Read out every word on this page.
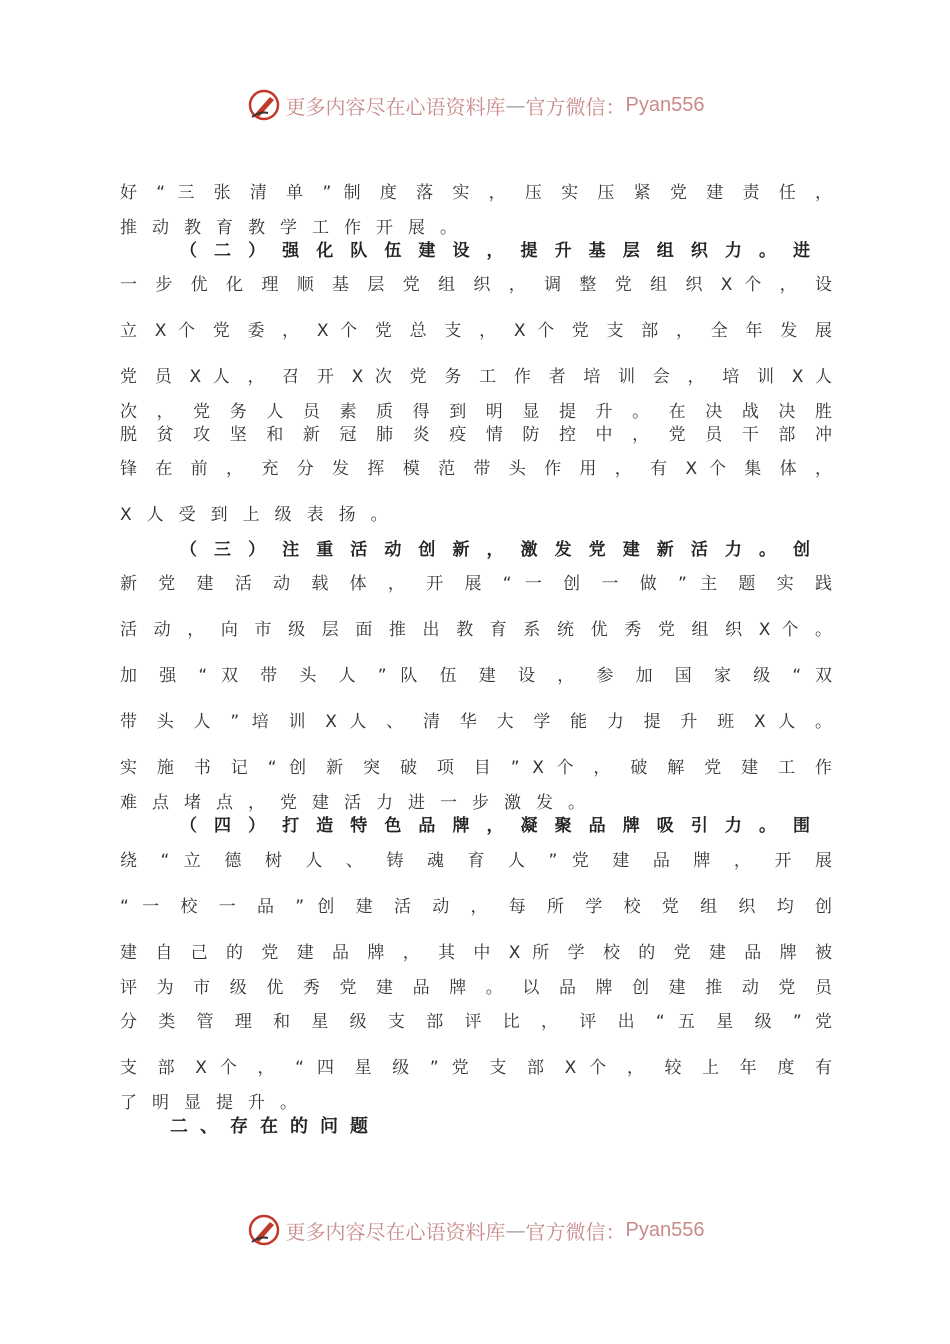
更多内容尽在心语资料库 — 官方微信： Pyan556
好 “ 三 张 清 单 ” 制 度 落 实 ， 压 实 压 紧 党 建 责 任 ，
推动教育教学工作开展。
（ 二 ） 强 化 队 伍 建 设 ， 提 升 基 层 组 织 力 。 进
一 步 优 化 理 顺 基 层 党 组 织 ， 调 整 党 组 织 X 个 ， 设
立 X 个 党 委 ， X 个 党 总 支 ， X 个 党 支 部 ， 全 年 发 展
党 员 X 人 ， 召 开 X 次 党 务 工 作 者 培 训 会 ， 培 训 X 人
次 ， 党 务 人 员 素 质 得 到 明 显 提 升 。 在 决 战 决 胜
脱 贫 攻 坚 和 新 冠 肺 炎 疫 情 防 控 中 ， 党 员 干 部 冲
锋 在 前 ， 充 分 发 挥 模 范 带 头 作 用 ， 有 X 个 集 体 ，
X人受到上级表扬。
（ 三 ） 注 重 活 动 创 新 ， 激 发 党 建 新 活 力 。 创
新 党 建 活 动 载 体 ， 开 展 “ 一 创 一 做 ” 主 题 实 践
活 动 ， 向 市 级 层 面 推 出 教 育 系 统 优 秀 党 组 织 X 个 。
加 强 “ 双 带 头 人 ” 队 伍 建 设 ， 参 加 国 家 级 “ 双
带 头 人 ” 培 训 X 人 、 清 华 大 学 能 力 提 升 班 X 人 。
实 施 书 记 “ 创 新 突 破 项 目 ” X 个 ， 破 解 党 建 工 作
难点堵点，党建活力进一步激发。
（ 四 ） 打 造 特 色 品 牌 ， 凝 聚 品 牌 吸 引 力 。 围
绕 “ 立 德 树 人 、 铸 魂 育 人 ” 党 建 品 牌 ， 开 展
“ 一 校 一 品 ” 创 建 活 动 ， 每 所 学 校 党 组 织 均 创
建 自 己 的 党 建 品 牌 ， 其 中 X 所 学 校 的 党 建 品 牌 被
评 为 市 级 优 秀 党 建 品 牌 。 以 品 牌 创 建 推 动 党 员
分 类 管 理 和 星 级 支 部 评 比 ， 评 出 “ 五 星 级 ” 党
支 部 X 个 ， “ 四 星 级 ” 党 支 部 X 个 ， 较 上 年 度 有
了明显提升。
二、存在的问题
更多内容尽在心语资料库 — 官方微信： Pyan556
